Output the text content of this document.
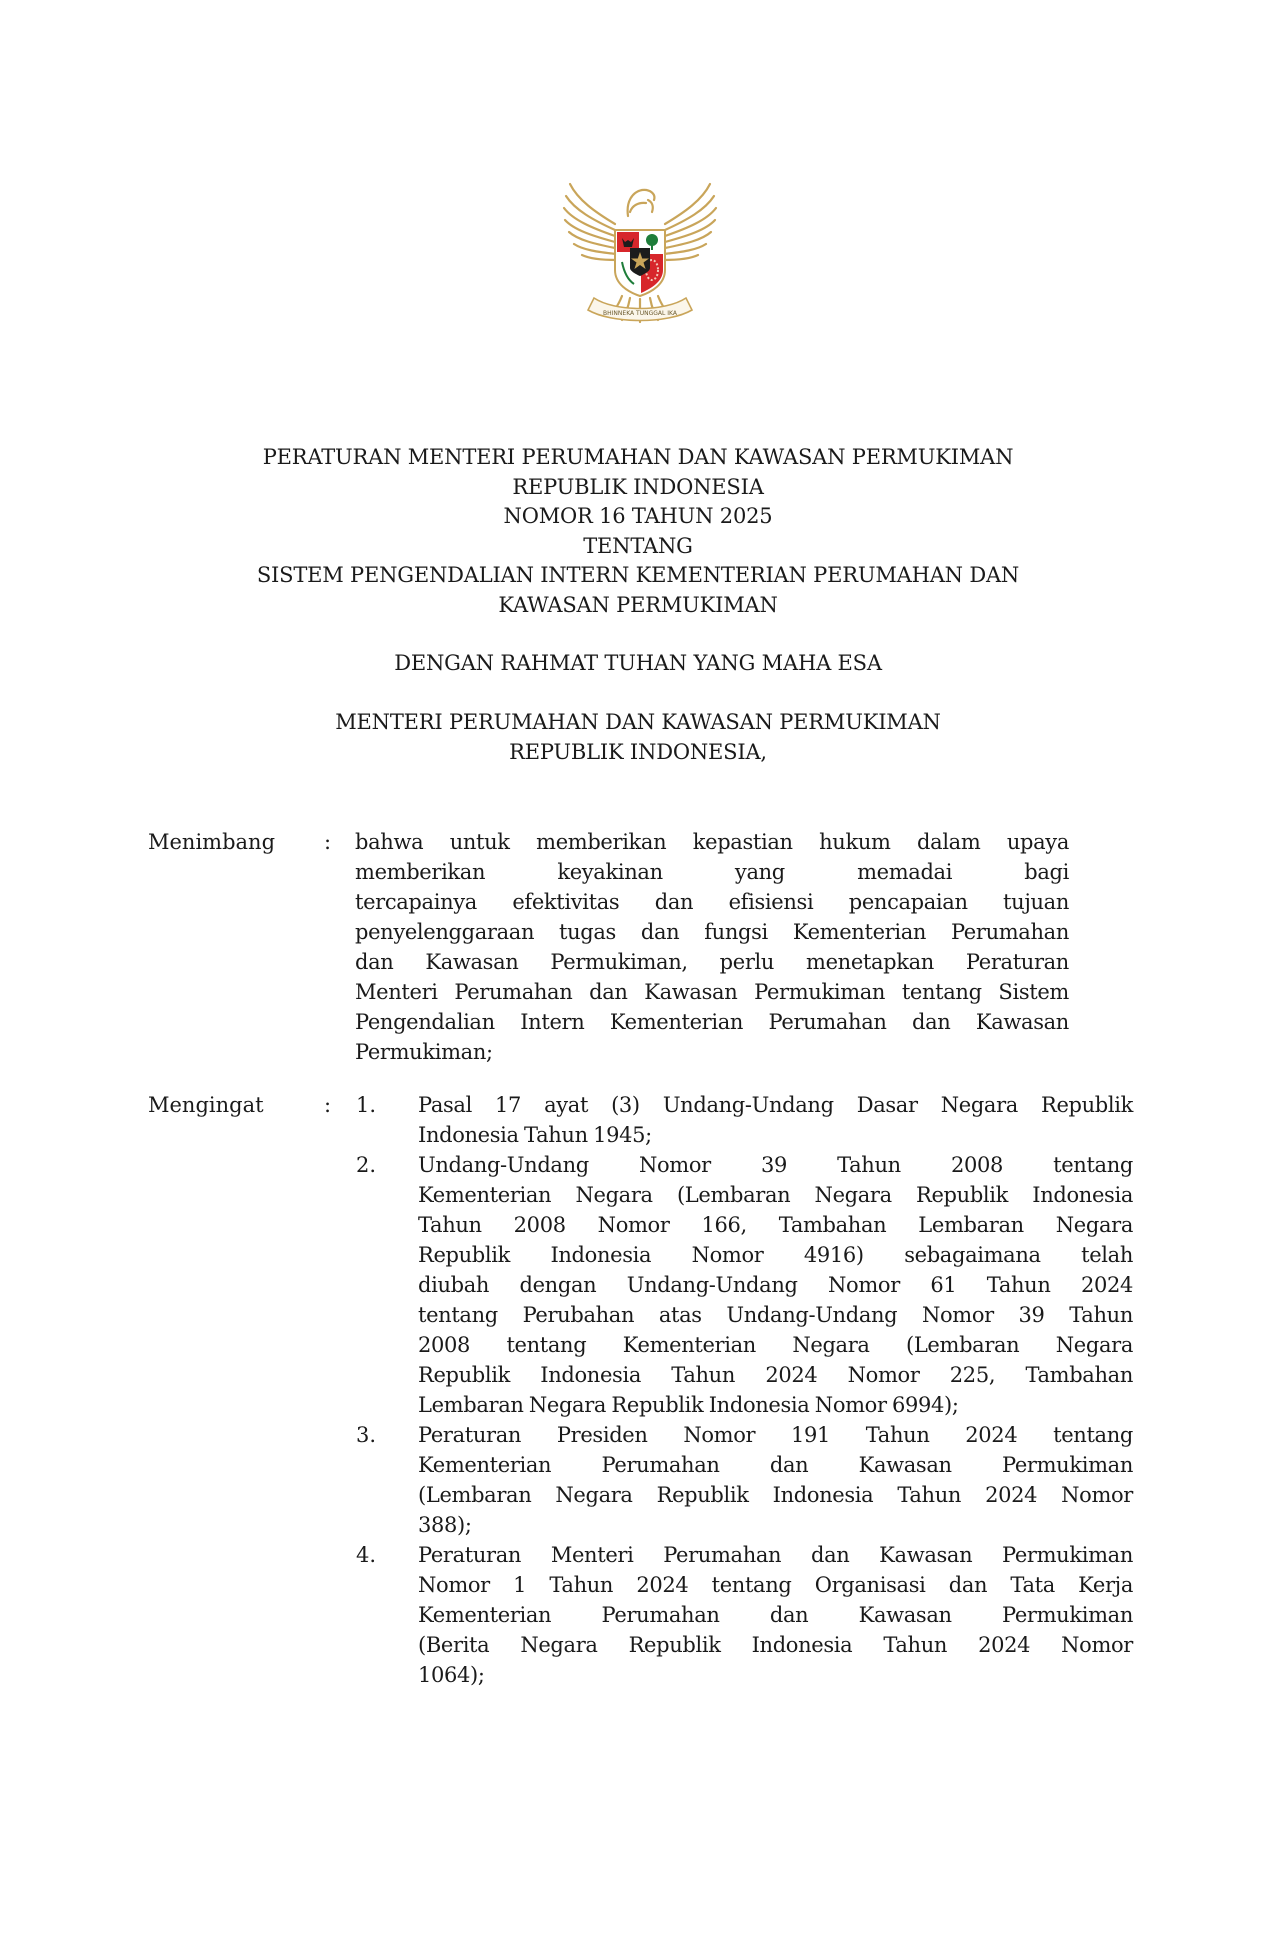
BHINNEKA TUNGGAL IKA
PERATURAN MENTERI PERUMAHAN DAN KAWASAN PERMUKIMAN
REPUBLIK INDONESIA
NOMOR 16 TAHUN 2025
TENTANG
SISTEM PENGENDALIAN INTERN KEMENTERIAN PERUMAHAN DAN
KAWASAN PERMUKIMAN
DENGAN RAHMAT TUHAN YANG MAHA ESA
MENTERI PERUMAHAN DAN KAWASAN PERMUKIMAN
REPUBLIK INDONESIA,
Menimbang : bahwa untuk memberikan kepastian hukum dalam upaya
memberikan keyakinan yang memadai bagi
tercapainya efektivitas dan efisiensi pencapaian tujuan
penyelenggaraan tugas dan fungsi Kementerian Perumahan
dan Kawasan Permukiman, perlu menetapkan Peraturan
Menteri Perumahan dan Kawasan Permukiman tentang Sistem
Pengendalian Intern Kementerian Perumahan dan Kawasan
Permukiman;
Mengingat	: 1. Pasal 17 ayat (3) Undang-Undang Dasar Negara Republik
Indonesia Tahun 1945;
2. Undang-Undang Nomor 39 Tahun 2008 tentang
Kementerian Negara (Lembaran Negara Republik Indonesia
Tahun 2008 Nomor 166, Tambahan Lembaran Negara
Republik Indonesia Nomor 4916) sebagaimana telah
diubah dengan Undang-Undang Nomor 61 Tahun 2024
tentang Perubahan atas Undang-Undang Nomor 39 Tahun
2008 tentang Kementerian Negara (Lembaran Negara
Republik Indonesia Tahun 2024 Nomor 225, Tambahan
Lembaran Negara Republik Indonesia Nomor 6994);
3. Peraturan Presiden Nomor 191 Tahun 2024 tentang
Kementerian Perumahan dan Kawasan Permukiman
(Lembaran Negara Republik Indonesia Tahun 2024 Nomor
388);
4. Peraturan Menteri Perumahan dan Kawasan Permukiman
Nomor 1 Tahun 2024 tentang Organisasi dan Tata Kerja
Kementerian Perumahan dan Kawasan Permukiman
(Berita Negara Republik Indonesia Tahun 2024 Nomor
1064);
